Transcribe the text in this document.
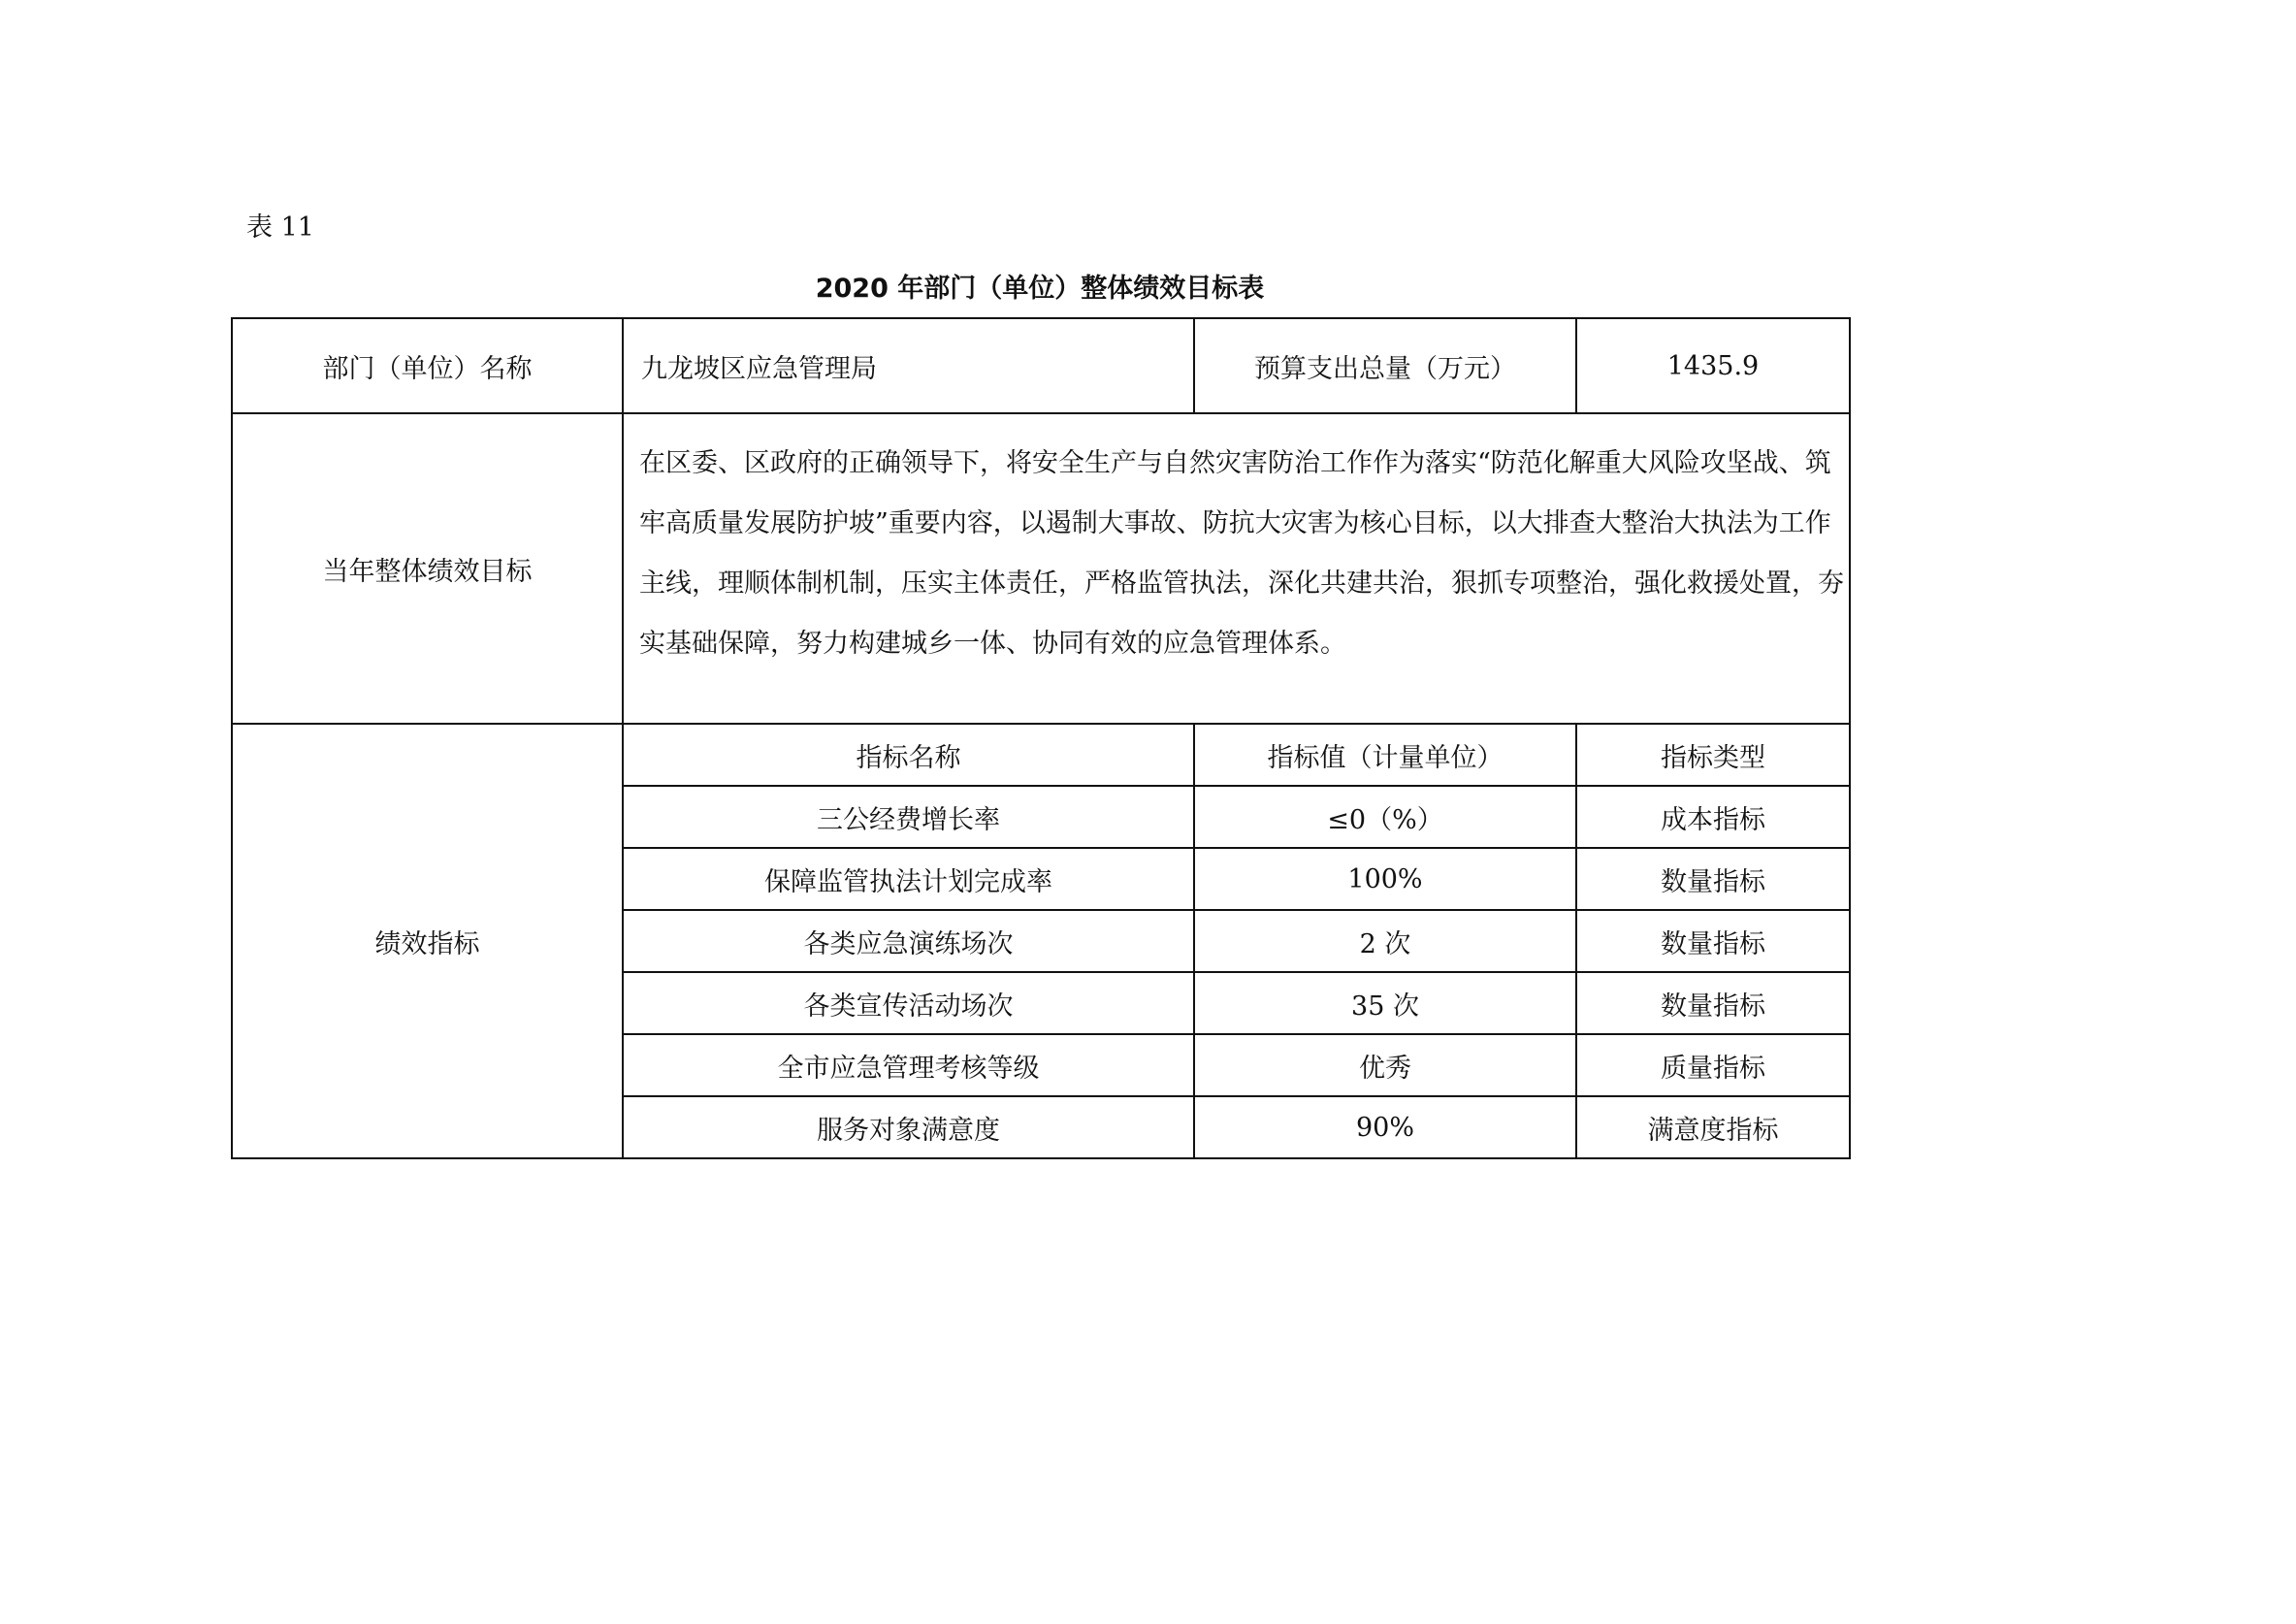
表 11
2020 年部门（单位）整体绩效目标表
部门（单位）名称	九龙坡区应急管理局	预算支出总量（万元）	1435.9
当年整体绩效目标	在区委、区政府的正确领导下，将安全生产与自然灾害防治工作作为落实“防范化解重大风险攻坚战、筑牢高质量发展防护坡”重要内容，以遏制大事故、防抗大灾害为核心目标，以大排查大整治大执法为工作主线，理顺体制机制，压实主体责任，严格监管执法，深化共建共治，狠抓专项整治，强化救援处置，夯实基础保障，努力构建城乡一体、协同有效的应急管理体系。		
绩效指标	指标名称	指标值（计量单位）	指标类型
	三公经费增长率	≤0（%）	成本指标
	保障监管执法计划完成率	100%	数量指标
	各类应急演练场次	2 次	数量指标
	各类宣传活动场次	35 次	数量指标
	全市应急管理考核等级	优秀	质量指标
	服务对象满意度	90%	满意度指标
